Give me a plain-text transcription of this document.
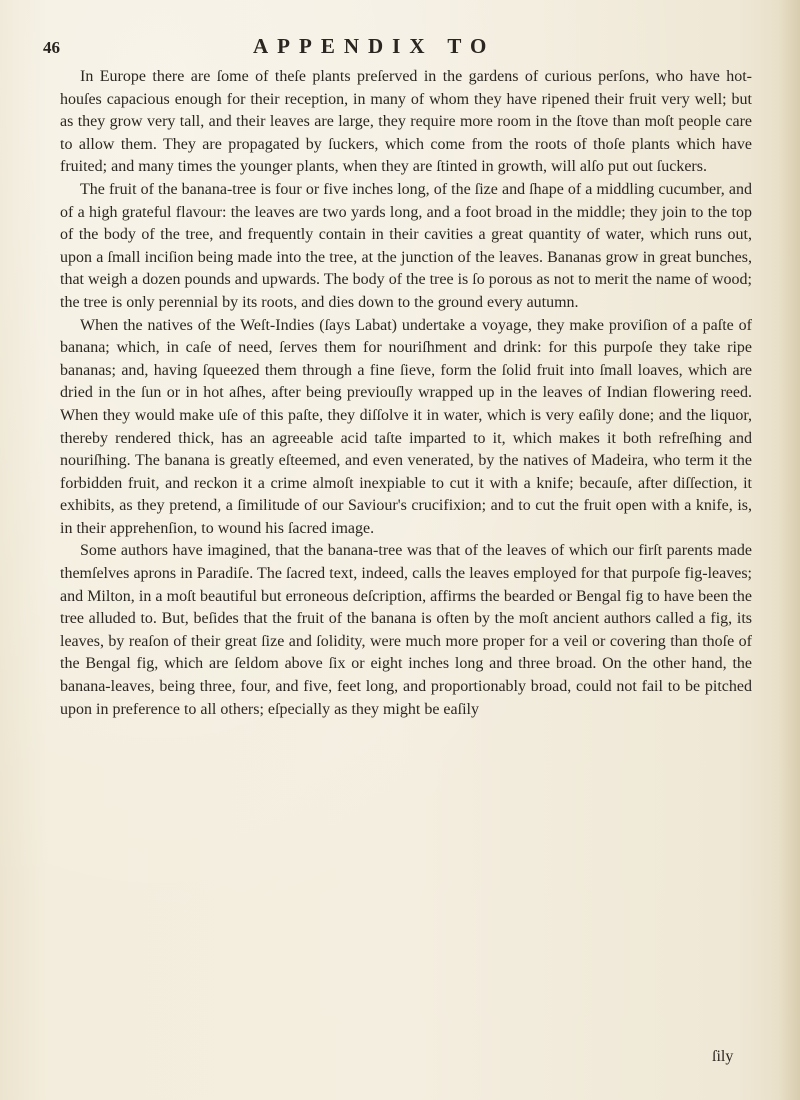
46	APPENDIX TO

In Europe there are ſome of theſe plants preſerved in the gardens of curious perſons, who have hot-houſes capacious enough for their reception, in many of whom they have ripened their fruit very well; but as they grow very tall, and their leaves are large, they require more room in the ſtove than moſt people care to allow them. They are propagated by ſuckers, which come from the roots of thoſe plants which have fruited; and many times the younger plants, when they are ſtinted in growth, will alſo put out ſuckers.

The fruit of the banana-tree is four or five inches long, of the ſize and ſhape of a middling cucumber, and of a high grateful flavour: the leaves are two yards long, and a foot broad in the middle; they join to the top of the body of the tree, and frequently contain in their cavities a great quantity of water, which runs out, upon a ſmall inciſion being made into the tree, at the junction of the leaves. Bananas grow in great bunches, that weigh a dozen pounds and upwards. The body of the tree is ſo porous as not to merit the name of wood; the tree is only perennial by its roots, and dies down to the ground every autumn.

When the natives of the Weſt-Indies (ſays Labat) undertake a voyage, they make proviſion of a paſte of banana; which, in caſe of need, ſerves them for nouriſhment and drink: for this purpoſe they take ripe bananas; and, having ſqueezed them through a fine ſieve, form the ſolid fruit into ſmall loaves, which are dried in the ſun or in hot aſhes, after being previouſly wrapped up in the leaves of Indian flowering reed. When they would make uſe of this paſte, they diſſolve it in water, which is very eaſily done; and the liquor, thereby rendered thick, has an agreeable acid taſte imparted to it, which makes it both refreſhing and nouriſhing. The banana is greatly eſteemed, and even venerated, by the natives of Madeira, who term it the forbidden fruit, and reckon it a crime almoſt inexpiable to cut it with a knife; becauſe, after diſſection, it exhibits, as they pretend, a ſimilitude of our Saviour's crucifixion; and to cut the fruit open with a knife, is, in their apprehenſion, to wound his ſacred image.

Some authors have imagined, that the banana-tree was that of the leaves of which our firſt parents made themſelves aprons in Paradiſe. The ſacred text, indeed, calls the leaves employed for that purpoſe fig-leaves; and Milton, in a moſt beautiful but erroneous deſcription, affirms the bearded or Bengal fig to have been the tree alluded to. But, beſides that the fruit of the banana is often by the moſt ancient authors called a fig, its leaves, by reaſon of their great ſize and ſolidity, were much more proper for a veil or covering than thoſe of the Bengal fig, which are ſeldom above ſix or eight inches long and three broad. On the other hand, the banana-leaves, being three, four, and five, feet long, and proportionably broad, could not fail to be pitched upon in preference to all others; eſpecially as they might be eaſily

ſily
